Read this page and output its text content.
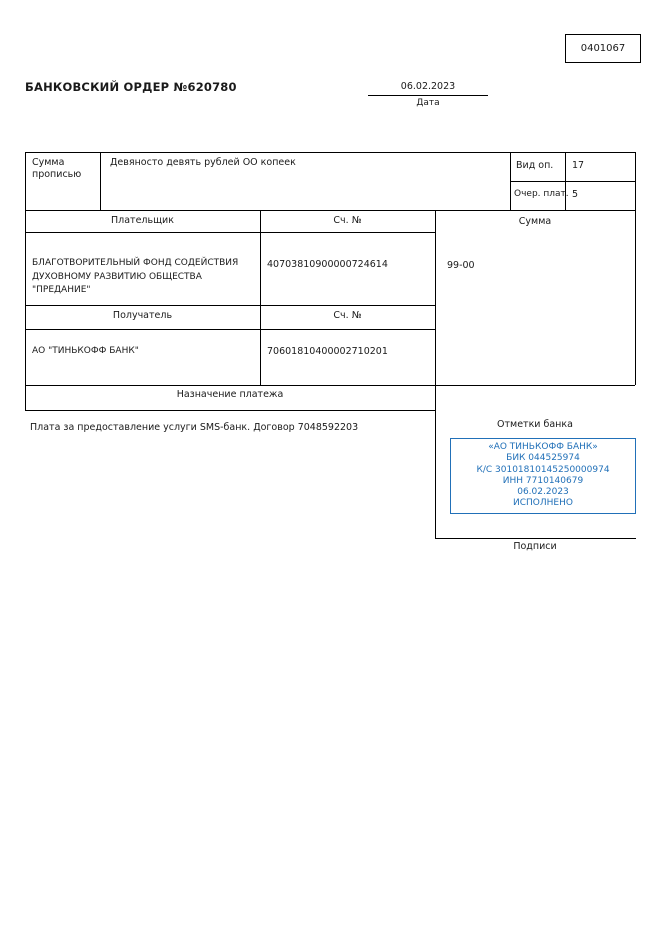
0401067
БАНКОВСКИЙ ОРДЕР №620780	06.02.2023
Дата
Сумма прописью
Девяносто девять рублей ОО копеек	Вид оп. 17
Очер. плат. 5
Плательщик	Сч. №	Сумма
БЛАГОТВОРИТЕЛЬНЫЙ ФОНД СОДЕЙСТВИЯ ДУХОВНОМУ РАЗВИТИЮ ОБЩЕСТВА "ПРЕДАНИЕ"
40703810900000724614	99-00
Получатель	Сч. №
АО "ТИНЬКОФФ БАНК"	70601810400002710201
Назначение платежа
Плата за предоставление услуги SMS-банк. Договор 7048592203	Отметки банка
«АО ТИНЬКОФФ БАНК»
БИК 044525974
К/С 30101810145250000974
ИНН 7710140679
06.02.2023
ИСПОЛНЕНО
Подписи
